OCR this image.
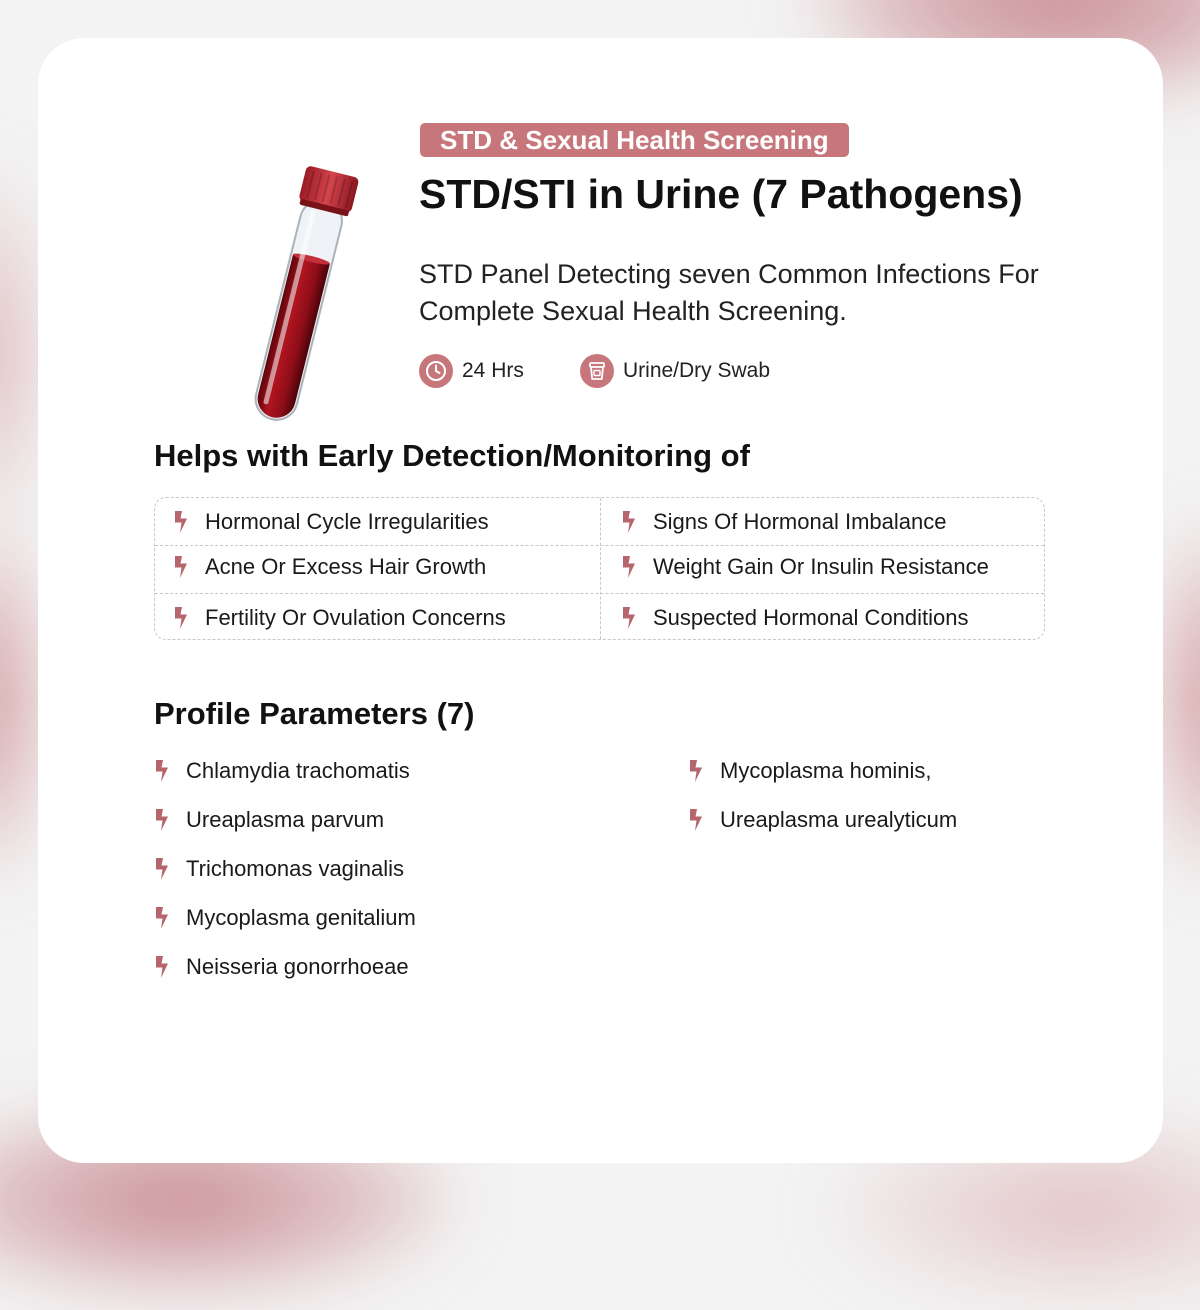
STD & Sexual Health Screening
STD/STI in Urine (7 Pathogens)

STD Panel Detecting seven Common Infections For Complete Sexual Health Screening.

24 Hrs	Urine/Dry Swab
Helps with Early Detection/Monitoring of
Hormonal Cycle Irregularities	Signs Of Hormonal Imbalance
Acne Or Excess Hair Growth	Weight Gain Or Insulin Resistance
Fertility Or Ovulation Concerns	Suspected Hormonal Conditions
Profile Parameters (7)
Chlamydia trachomatis
Ureaplasma parvum
Trichomonas vaginalis
Mycoplasma genitalium
Neisseria gonorrhoeae
Mycoplasma hominis,
Ureaplasma urealyticum
